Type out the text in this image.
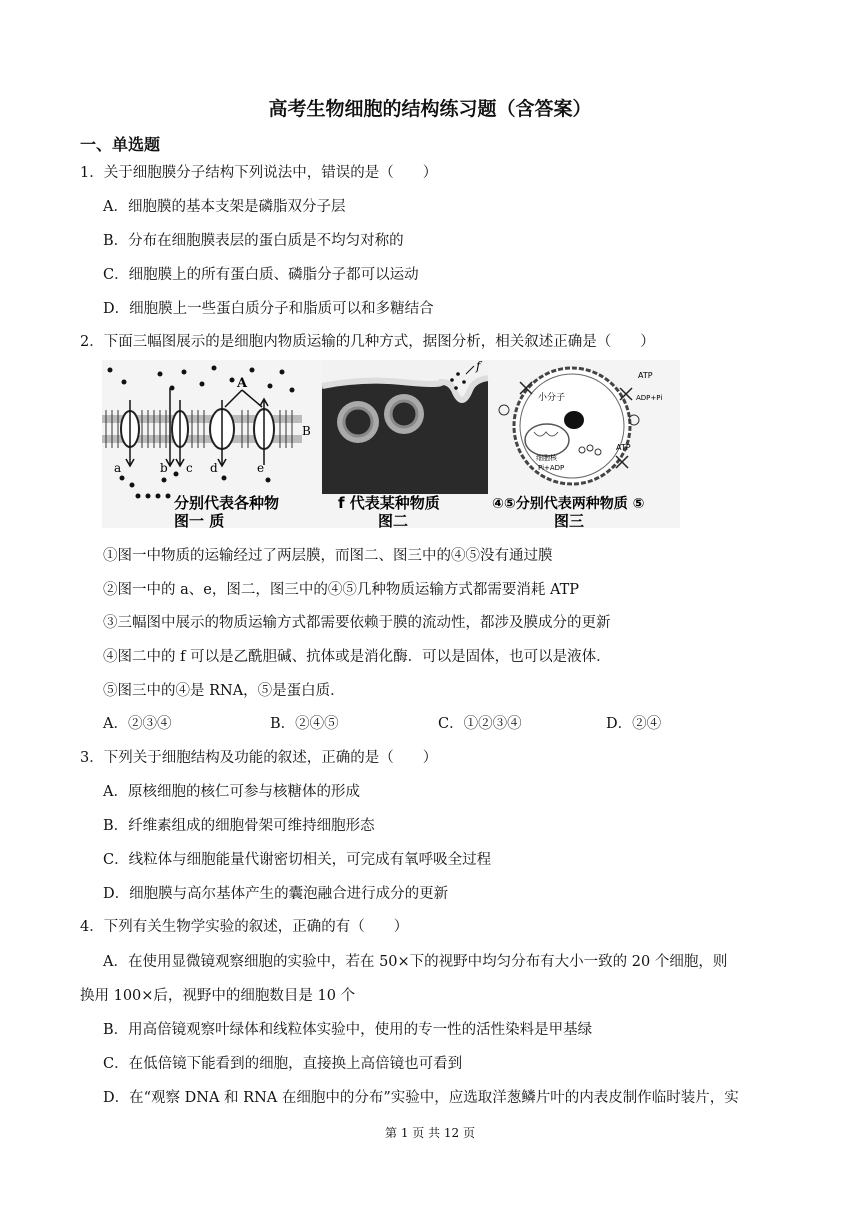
高考生物细胞的结构练习题（含答案）
一、单选题
1．关于细胞膜分子结构下列说法中，错误的是（　　）
A．细胞膜的基本支架是磷脂双分子层
B．分布在细胞膜表层的蛋白质是不均匀对称的
C．细胞膜上的所有蛋白质、磷脂分子都可以运动
D．细胞膜上一些蛋白质分子和脂质可以和多糖结合
2．下面三幅图展示的是细胞内物质运输的几种方式，据图分析，相关叙述正确是（　　）
A
B
a	b c d	e
分别代表各种物
图一 质
f
f 代表某种物质
图二
小分子
ATP
ADP+Pi
ATP
细胞核
Pi+ADP
④⑤分别代表两种物质 ⑤
图三
①图一中物质的运输经过了两层膜，而图二、图三中的④⑤没有通过膜
②图一中的 a、e，图二，图三中的④⑤几种物质运输方式都需要消耗 ATP
③三幅图中展示的物质运输方式都需要依赖于膜的流动性，都涉及膜成分的更新
④图二中的 f 可以是乙酰胆碱、抗体或是消化酶．可以是固体，也可以是液体．
⑤图三中的④是 RNA，⑤是蛋白质．
A．②③④	B．②④⑤	C．①②③④	D．②④
3．下列关于细胞结构及功能的叙述，正确的是（　　）
A．原核细胞的核仁可参与核糖体的形成
B．纤维素组成的细胞骨架可维持细胞形态
C．线粒体与细胞能量代谢密切相关，可完成有氧呼吸全过程
D．细胞膜与高尔基体产生的囊泡融合进行成分的更新
4．下列有关生物学实验的叙述，正确的有（　　）
A．在使用显微镜观察细胞的实验中，若在 50×下的视野中均匀分布有大小一致的 20 个细胞，则
换用 100×后，视野中的细胞数目是 10 个
B．用高倍镜观察叶绿体和线粒体实验中，使用的专一性的活性染料是甲基绿
C．在低倍镜下能看到的细胞，直接换上高倍镜也可看到
D．在“观察 DNA 和 RNA 在细胞中的分布”实验中，应选取洋葱鳞片叶的内表皮制作临时装片，实
第 1 页 共 12 页
